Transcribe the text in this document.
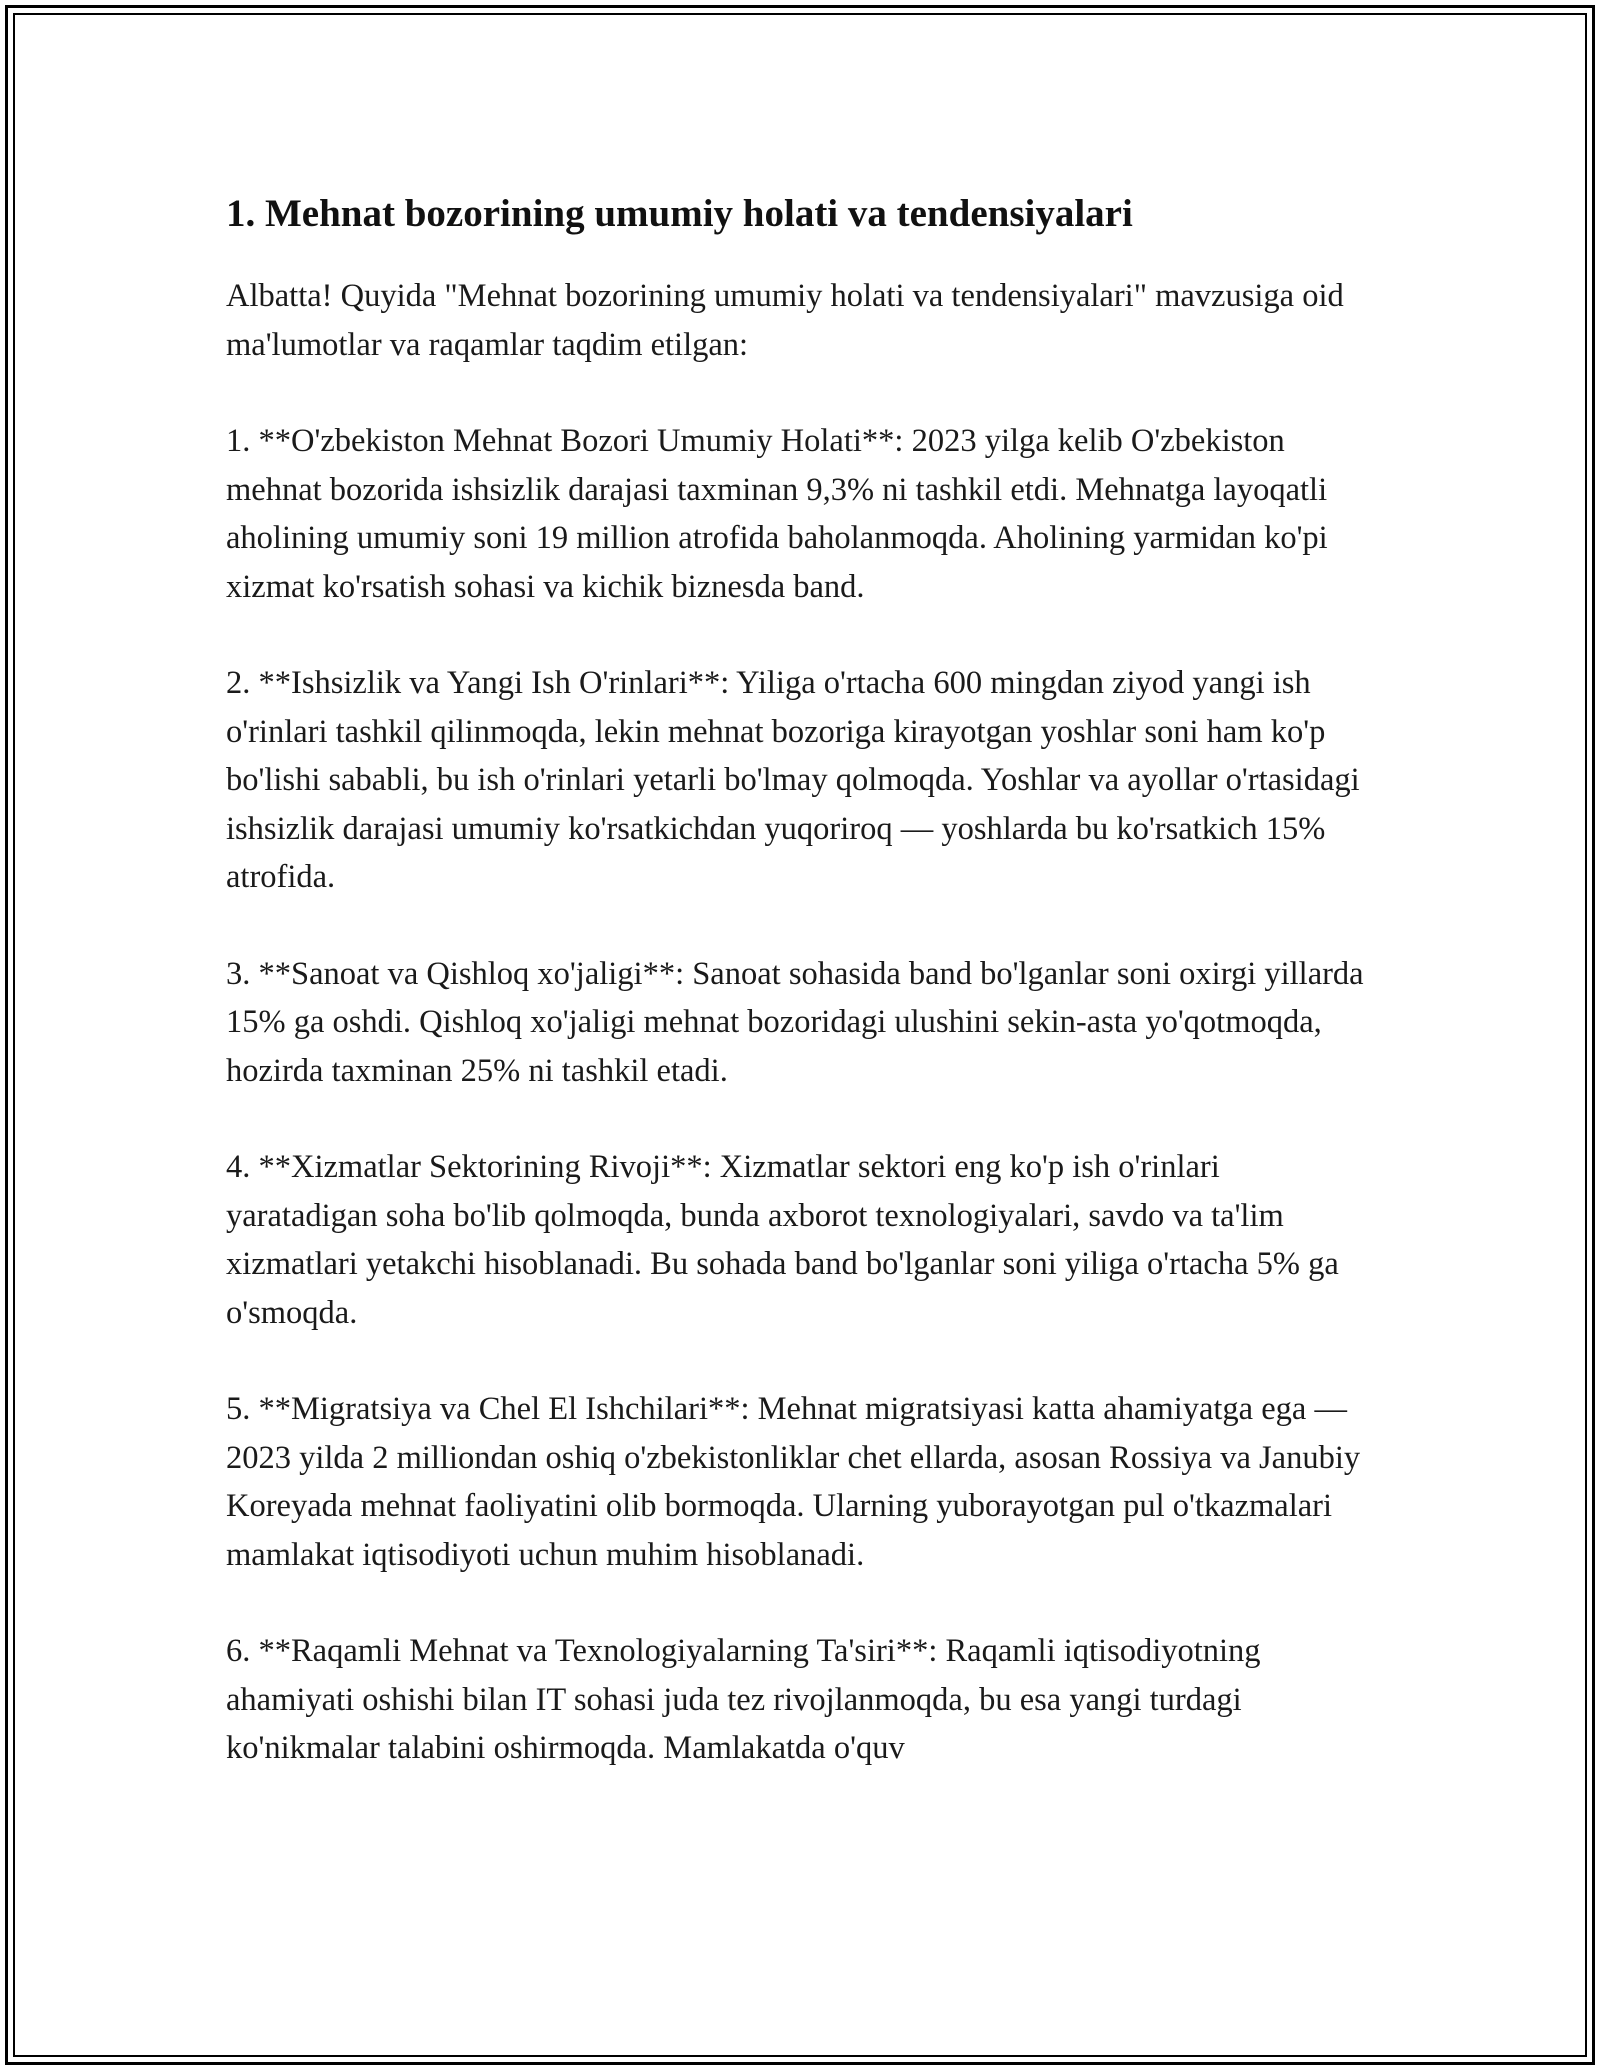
1. Mehnat bozorining umumiy holati va tendensiyalari

Albatta! Quyida "Mehnat bozorining umumiy holati va tendensiyalari" mavzusiga oid ma'lumotlar va raqamlar taqdim etilgan:

1. **O'zbekiston Mehnat Bozori Umumiy Holati**: 2023 yilga kelib O'zbekiston mehnat bozorida ishsizlik darajasi taxminan 9,3% ni tashkil etdi. Mehnatga layoqatli aholining umumiy soni 19 million atrofida baholanmoqda. Aholining yarmidan ko'pi xizmat ko'rsatish sohasi va kichik biznesda band.

2. **Ishsizlik va Yangi Ish O'rinlari**: Yiliga o'rtacha 600 mingdan ziyod yangi ish o'rinlari tashkil qilinmoqda, lekin mehnat bozoriga kirayotgan yoshlar soni ham ko'p bo'lishi sababli, bu ish o'rinlari yetarli bo'lmay qolmoqda. Yoshlar va ayollar o'rtasidagi ishsizlik darajasi umumiy ko'rsatkichdan yuqoriroq — yoshlarda bu ko'rsatkich 15% atrofida.

3. **Sanoat va Qishloq xo'jaligi**: Sanoat sohasida band bo'lganlar soni oxirgi yillarda 15% ga oshdi. Qishloq xo'jaligi mehnat bozoridagi ulushini sekin-asta yo'qotmoqda, hozirda taxminan 25% ni tashkil etadi.

4. **Xizmatlar Sektorining Rivoji**: Xizmatlar sektori eng ko'p ish o'rinlari yaratadigan soha bo'lib qolmoqda, bunda axborot texnologiyalari, savdo va ta'lim xizmatlari yetakchi hisoblanadi. Bu sohada band bo'lganlar soni yiliga o'rtacha 5% ga o'smoqda.

5. **Migratsiya va Chel El Ishchilari**: Mehnat migratsiyasi katta ahamiyatga ega — 2023 yilda 2 milliondan oshiq o'zbekistonliklar chet ellarda, asosan Rossiya va Janubiy Koreyada mehnat faoliyatini olib bormoqda. Ularning yuborayotgan pul o'tkazmalari mamlakat iqtisodiyoti uchun muhim hisoblanadi.

6. **Raqamli Mehnat va Texnologiyalarning Ta'siri**: Raqamli iqtisodiyotning ahamiyati oshishi bilan IT sohasi juda tez rivojlanmoqda, bu esa yangi turdagi ko'nikmalar talabini oshirmoqda. Mamlakatda o'quv
